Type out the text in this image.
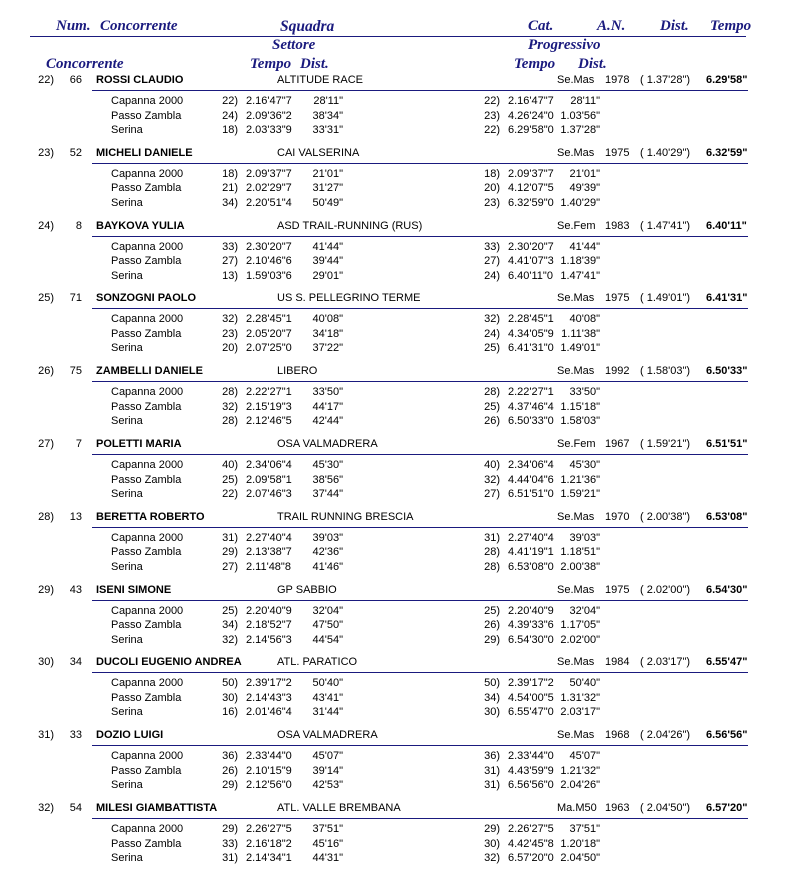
Num. Concorrente	Squadra	Cat.	A.N. Dist. Tempo
Settore	Progressivo
Concorrente	Tempo Dist.	Tempo Dist.
22)	66 ROSSI CLAUDIO	ALTITUDE RACE	Se.Mas 1978 ( 1.37'28") 6.29'58"
Capanna 2000	22) 2.16'47"7	28'11"	22) 2.16'47"7	28'11"
Passo Zambla	24) 2.09'36"2	38'34"	23) 4.26'24"0 1.03'56"
Serina	18) 2.03'33"9	33'31"	22) 6.29'58"0 1.37'28"
23)	52 MICHELI DANIELE	CAI VALSERINA	Se.Mas 1975 ( 1.40'29") 6.32'59"
Capanna 2000	18) 2.09'37"7	21'01"	18) 2.09'37"7	21'01"
Passo Zambla	21) 2.02'29"7	31'27"	20) 4.12'07"5	49'39"
Serina	34) 2.20'51"4	50'49"	23) 6.32'59"0 1.40'29"
24)	8 BAYKOVA YULIA	ASD TRAIL-RUNNING (RUS)	Se.Fem 1983 ( 1.47'41") 6.40'11"
Capanna 2000	33) 2.30'20"7	41'44"	33) 2.30'20"7	41'44"
Passo Zambla	27) 2.10'46"6	39'44"	27) 4.41'07"3 1.18'39"
Serina	13) 1.59'03"6	29'01"	24) 6.40'11"0 1.47'41"
25)	71 SONZOGNI PAOLO	US S. PELLEGRINO TERME	Se.Mas 1975 ( 1.49'01") 6.41'31"
Capanna 2000	32) 2.28'45"1	40'08"	32) 2.28'45"1	40'08"
Passo Zambla	23) 2.05'20"7	34'18"	24) 4.34'05"9 1.11'38"
Serina	20) 2.07'25"0	37'22"	25) 6.41'31"0 1.49'01"
26)	75 ZAMBELLI DANIELE	LIBERO	Se.Mas 1992 ( 1.58'03") 6.50'33"
Capanna 2000	28) 2.22'27"1	33'50"	28) 2.22'27"1	33'50"
Passo Zambla	32) 2.15'19"3	44'17"	25) 4.37'46"4 1.15'18"
Serina	28) 2.12'46"5	42'44"	26) 6.50'33"0 1.58'03"
27)	7 POLETTI MARIA	OSA VALMADRERA	Se.Fem 1967 ( 1.59'21") 6.51'51"
Capanna 2000	40) 2.34'06"4	45'30"	40) 2.34'06"4	45'30"
Passo Zambla	25) 2.09'58"1	38'56"	32) 4.44'04"6 1.21'36"
Serina	22) 2.07'46"3	37'44"	27) 6.51'51"0 1.59'21"
28)	13 BERETTA ROBERTO	TRAIL RUNNING BRESCIA	Se.Mas 1970 ( 2.00'38") 6.53'08"
Capanna 2000	31) 2.27'40"4	39'03"	31) 2.27'40"4	39'03"
Passo Zambla	29) 2.13'38"7	42'36"	28) 4.41'19"1 1.18'51"
Serina	27) 2.11'48"8	41'46"	28) 6.53'08"0 2.00'38"
29)	43 ISENI SIMONE	GP SABBIO	Se.Mas 1975 ( 2.02'00") 6.54'30"
Capanna 2000	25) 2.20'40"9	32'04"	25) 2.20'40"9	32'04"
Passo Zambla	34) 2.18'52"7	47'50"	26) 4.39'33"6 1.17'05"
Serina	32) 2.14'56"3	44'54"	29) 6.54'30"0 2.02'00"
30)	34 DUCOLI EUGENIO ANDREA	ATL. PARATICO	Se.Mas 1984 ( 2.03'17") 6.55'47"
Capanna 2000	50) 2.39'17"2	50'40"	50) 2.39'17"2	50'40"
Passo Zambla	30) 2.14'43"3	43'41"	34) 4.54'00"5 1.31'32"
Serina	16) 2.01'46"4	31'44"	30) 6.55'47"0 2.03'17"
31)	33 DOZIO LUIGI	OSA VALMADRERA	Se.Mas 1968 ( 2.04'26") 6.56'56"
Capanna 2000	36) 2.33'44"0	45'07"	36) 2.33'44"0	45'07"
Passo Zambla	26) 2.10'15"9	39'14"	31) 4.43'59"9 1.21'32"
Serina	29) 2.12'56"0	42'53"	31) 6.56'56"0 2.04'26"
32)	54 MILESI GIAMBATTISTA	ATL. VALLE BREMBANA	Ma.M50 1963 ( 2.04'50") 6.57'20"
Capanna 2000	29) 2.26'27"5	37'51"	29) 2.26'27"5	37'51"
Passo Zambla	33) 2.16'18"2	45'16"	30) 4.42'45"8 1.20'18"
Serina	31) 2.14'34"1	44'31"	32) 6.57'20"0 2.04'50"
